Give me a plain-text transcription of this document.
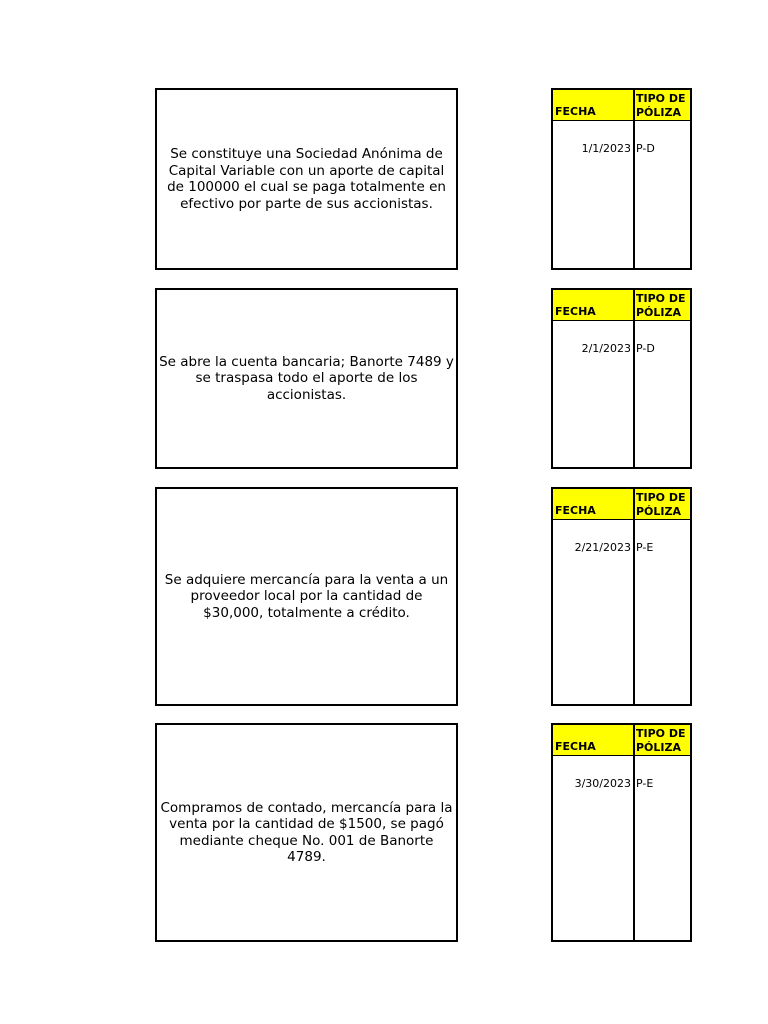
Se constituye una Sociedad Anónima de
Capital Variable con un aporte de capital
de 100000 el cual se paga totalmente en
efectivo por parte de sus accionistas.
FECHA
TIPO DE
PÓLIZA
1/1/2023 P-D
Se abre la cuenta bancaria; Banorte 7489 y
se traspasa todo el aporte de los
accionistas.
FECHA
TIPO DE
PÓLIZA
2/1/2023 P-D
Se adquiere mercancía para la venta a un
proveedor local por la cantidad de
$30,000, totalmente a crédito.
FECHA
TIPO DE
PÓLIZA
2/21/2023 P-E
Compramos de contado, mercancía para la
venta por la cantidad de $1500, se pagó
mediante cheque No. 001 de Banorte
4789.
FECHA
TIPO DE
PÓLIZA
3/30/2023 P-E
